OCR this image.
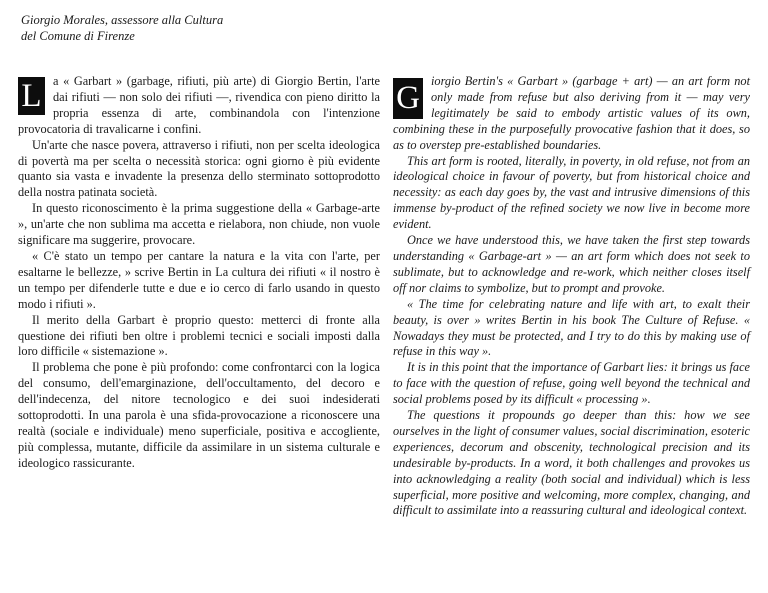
Giorgio Morales, assessore alla Cultura
del Comune di Firenze

L a « Garbart » (garbage, rifiuti, più arte) di Giorgio Bertin, l'arte dai rifiuti — non solo dei rifiuti —, rivendica con pieno diritto la propria essenza di arte, combinandola con l'intenzione provocatoria di travalicarne i confini.

Un'arte che nasce povera, attraverso i rifiuti, non per scelta ideologica di povertà ma per scelta o necessità storica: ogni giorno è più evidente quanto sia vasta e invadente la presenza dello sterminato sottoprodotto della nostra patinata società.

In questo riconoscimento è la prima suggestione della « Garbage-arte », un'arte che non sublima ma accetta e rielabora, non chiude, non vuole significare ma suggerire, provocare.

« C'è stato un tempo per cantare la natura e la vita con l'arte, per esaltarne le bellezze, » scrive Bertin in La cultura dei rifiuti « il nostro è un tempo per difenderle tutte e due e io cerco di farlo usando in questo modo i rifiuti ».

Il merito della Garbart è proprio questo: metterci di fronte alla questione dei rifiuti ben oltre i problemi tecnici e sociali imposti dalla loro difficile « sistemazione ».

Il problema che pone è più profondo: come confrontarci con la logica del consumo, dell'emarginazione, dell'occultamento, del decoro e dell'indecenza, del nitore tecnologico e dei suoi indesiderati sottoprodotti. In una parola è una sfida-provocazione a riconoscere una realtà (sociale e individuale) meno superficiale, positiva e accogliente, più complessa, mutante, difficile da assimilare in un sistema culturale e ideologico rassicurante.

G iorgio Bertin's « Garbart » (garbage + art) — an art form not only made from refuse but also deriving from it — may very legitimately be said to embody artistic values of its own, combining these in the purposefully provocative fashion that it does, so as to overstep pre-established boundaries.

This art form is rooted, literally, in poverty, in old refuse, not from an ideological choice in favour of poverty, but from historical choice and necessity: as each day goes by, the vast and intrusive dimensions of this immense by-product of the refined society we now live in become more evident.

Once we have understood this, we have taken the first step towards understanding « Garbage-art » — an art form which does not seek to sublimate, but to acknowledge and re-work, which neither closes itself off nor claims to symbolize, but to prompt and provoke.

« The time for celebrating nature and life with art, to exalt their beauty, is over » writes Bertin in his book The Culture of Refuse. « Nowadays they must be protected, and I try to do this by making use of refuse in this way ».

It is in this point that the importance of Garbart lies: it brings us face to face with the question of refuse, going well beyond the technical and social problems posed by its difficult « processing ».

The questions it propounds go deeper than this: how we see ourselves in the light of consumer values, social discrimination, esoteric experiences, decorum and obscenity, technological precision and its undesirable by-products. In a word, it both challenges and provokes us into acknowledging a reality (both social and individual) which is less superficial, more positive and welcoming, more complex, changing, and difficult to assimilate into a reassuring cultural and ideological context.
